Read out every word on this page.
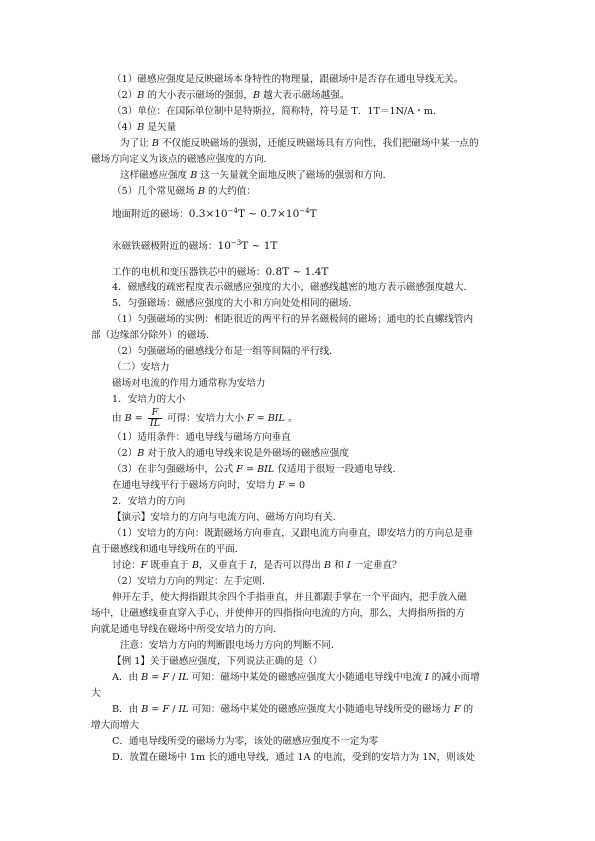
（1）磁感应强度是反映磁场本身特性的物理量，跟磁场中是否存在通电导线无关。
（2）B 的大小表示磁场的强弱，B 越大表示磁场越强。
（3）单位：在国际单位制中是特斯拉，简称特，符号是 T．1T＝1N/A・m．
（4）B 是矢量
为了让 B 不仅能反映磁场的强弱，还能反映磁场具有方向性，我们把磁场中某一点的
磁场方向定义为该点的磁感应强度的方向．
这样磁感应强度 B 这一矢量就全面地反映了磁场的强弱和方向．
（5）几个常见磁场 B 的大约值：
地面附近的磁场：$0.3\times 10^{-4}T$ ~ $0.7\times 10^{-4}T$
永磁铁磁极附近的磁场：$10^{-3}T$ ~ 1T
工作的电机和变压器铁芯中的磁场：0.8T ~ 1.4T
4．磁感线的疏密程度表示磁感应强度的大小，磁感线越密的地方表示磁感强度越大．
5．匀强磁场：磁感应强度的大小和方向处处相同的磁场．
（1）匀强磁场的实例：相距很近的两平行的异名磁极间的磁场；通电的长直螺线管内
部（边缘部分除外）的磁场．
（2）匀强磁场的磁感线分布是一组等间隔的平行线．
（二）安培力
磁场对电流的作用力通常称为安培力
1．安培力的大小
由 $B = \frac{F}{IL}$ 可得：安培力大小 F = BIL 。
（1）适用条件：通电导线与磁场方向垂直
（2）B 对于放入的通电导线来说是外磁场的磁感应强度
（3）在非匀强磁场中，公式 F = BIL 仅适用于很短一段通电导线．
在通电导线平行于磁场方向时，安培力 F = 0
2．安培力的方向
【演示】安培力的方向与电流方向、磁场方向均有关．
（1）安培力的方向：既跟磁场方向垂直，又跟电流方向垂直，即安培力的方向总是垂
直于磁感线和通电导线所在的平面．
讨论：F 既垂直于 B，又垂直于 I，是否可以得出 B 和 I 一定垂直？
（2）安培力方向的判定：左手定则．
伸开左手，使大拇指跟其余四个手指垂直，并且都跟手掌在一个平面内，把手放入磁
场中，让磁感线垂直穿入手心，并使伸开的四指指向电流的方向，那么，大拇指所指的方
向就是通电导线在磁场中所受安培力的方向．
注意：安培力方向的判断跟电场力方向的判断不同．
【例 1】关于磁感应强度，下列说法正确的是（）
A．由 B = F / IL 可知：磁场中某处的磁感应强度大小随通电导线中电流 I 的减小而增
大
B．由 B = F / IL 可知：磁场中某处的磁感应强度大小随通电导线所受的磁场力 F 的
增大而增大
C．通电导线所受的磁场力为零，该处的磁感应强度不一定为零
D．放置在磁场中 1m 长的通电导线，通过 1A 的电流，受到的安培力为 1N，则该处
